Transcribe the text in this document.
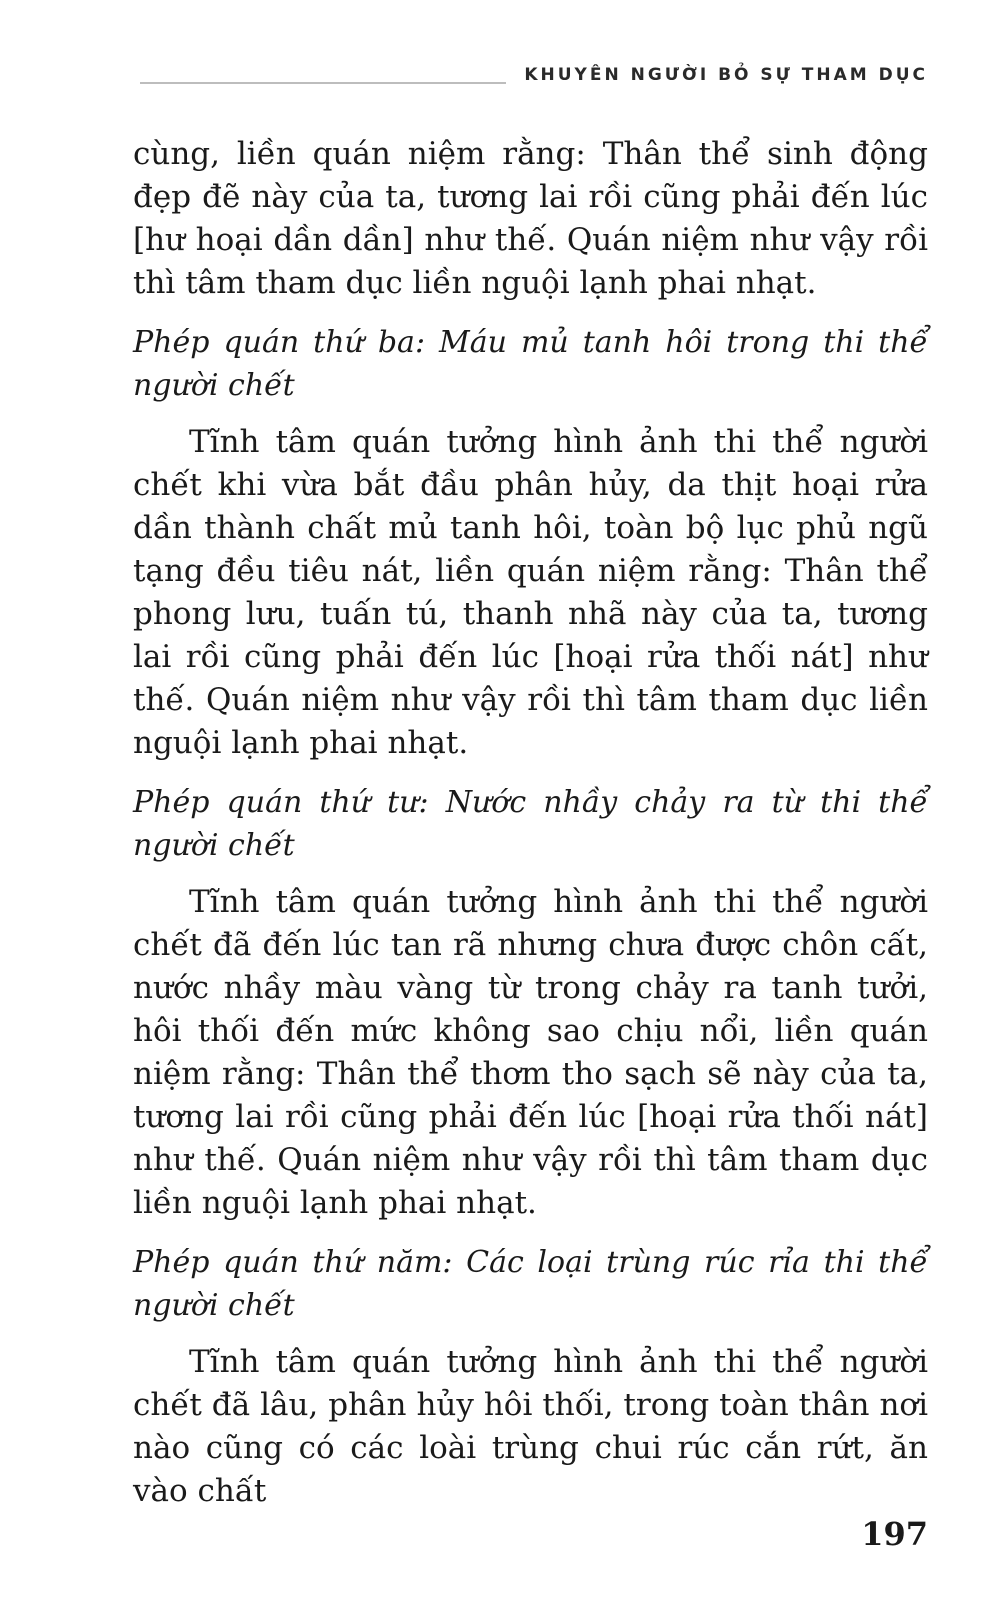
KHUYÊN NGƯỜI BỎ SỰ THAM DỤC

cùng, liền quán niệm rằng: Thân thể sinh động đẹp đẽ này của ta, tương lai rồi cũng phải đến lúc [hư hoại dần dần] như thế. Quán niệm như vậy rồi thì tâm tham dục liền nguội lạnh phai nhạt.

Phép quán thứ ba: Máu mủ tanh hôi trong thi thể người chết

Tĩnh tâm quán tưởng hình ảnh thi thể người chết khi vừa bắt đầu phân hủy, da thịt hoại rửa dần thành chất mủ tanh hôi, toàn bộ lục phủ ngũ tạng đều tiêu nát, liền quán niệm rằng: Thân thể phong lưu, tuấn tú, thanh nhã này của ta, tương lai rồi cũng phải đến lúc [hoại rửa thối nát] như thế. Quán niệm như vậy rồi thì tâm tham dục liền nguội lạnh phai nhạt.

Phép quán thứ tư: Nước nhầy chảy ra từ thi thể người chết

Tĩnh tâm quán tưởng hình ảnh thi thể người chết đã đến lúc tan rã nhưng chưa được chôn cất, nước nhầy màu vàng từ trong chảy ra tanh tưởi, hôi thối đến mức không sao chịu nổi, liền quán niệm rằng: Thân thể thơm tho sạch sẽ này của ta, tương lai rồi cũng phải đến lúc [hoại rửa thối nát] như thế. Quán niệm như vậy rồi thì tâm tham dục liền nguội lạnh phai nhạt.

Phép quán thứ năm: Các loại trùng rúc rỉa thi thể người chết

Tĩnh tâm quán tưởng hình ảnh thi thể người chết đã lâu, phân hủy hôi thối, trong toàn thân nơi nào cũng có các loài trùng chui rúc cắn rứt, ăn vào chất

197
